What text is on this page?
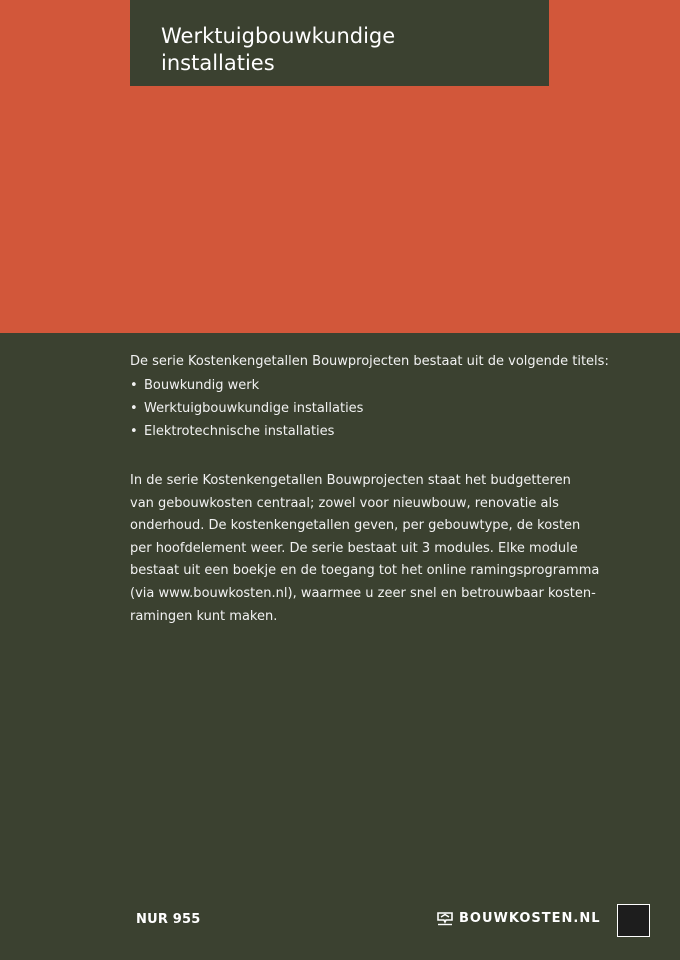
Werktuigbouwkundige
installaties

De serie Kostenkengetallen Bouwprojecten bestaat uit de volgende titels:

• Bouwkundig werk
• Werktuigbouwkundige installaties
• Elektrotechnische installaties
In de serie Kostenkengetallen Bouwprojecten staat het budgetteren
van gebouwkosten centraal; zowel voor nieuwbouw, renovatie als
onderhoud. De kostenkengetallen geven, per gebouwtype, de kosten
per hoofdelement weer. De serie bestaat uit 3 modules. Elke module
bestaat uit een boekje en de toegang tot het online ramingsprogramma
(via www.bouwkosten.nl), waarmee u zeer snel en betrouwbaar kosten-
ramingen kunt maken.
NUR 955	BOUWKOSTEN.NL
